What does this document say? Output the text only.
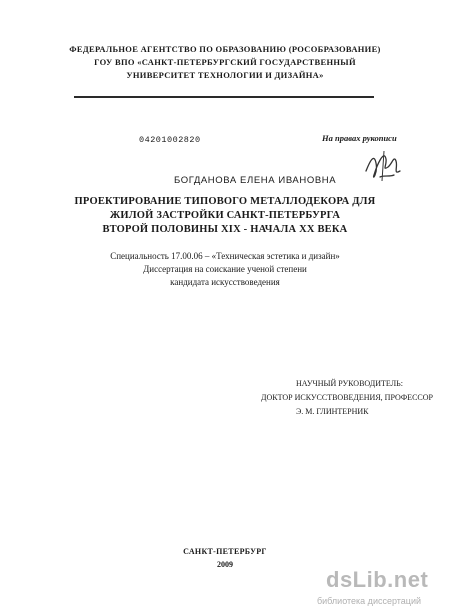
ФЕДЕРАЛЬНОЕ АГЕНТСТВО ПО ОБРАЗОВАНИЮ (РОСОБРАЗОВАНИЕ)
ГОУ ВПО «САНКТ-ПЕТЕРБУРГСКИЙ ГОСУДАРСТВЕННЫЙ
УНИВЕРСИТЕТ ТЕХНОЛОГИИ И ДИЗАЙНА»
04201002820	На правах рукописи
БОГДАНОВА ЕЛЕНА ИВАНОВНА
ПРОЕКТИРОВАНИЕ ТИПОВОГО МЕТАЛЛОДЕКОРА ДЛЯ
ЖИЛОЙ ЗАСТРОЙКИ САНКТ-ПЕТЕРБУРГА
ВТОРОЙ ПОЛОВИНЫ XIX - НАЧАЛА XX ВЕКА
Специальность 17.00.06 – «Техническая эстетика и дизайн»
Диссертация на соискание ученой степени
кандидата искусствоведения
НАУЧНЫЙ РУКОВОДИТЕЛЬ:
ДОКТОР ИСКУССТВОВЕДЕНИЯ, ПРОФЕССОР
Э. М. ГЛИНТЕРНИК
САНКТ-ПЕТЕРБУРГ
2009
dsLib.net
библиотека диссертаций
